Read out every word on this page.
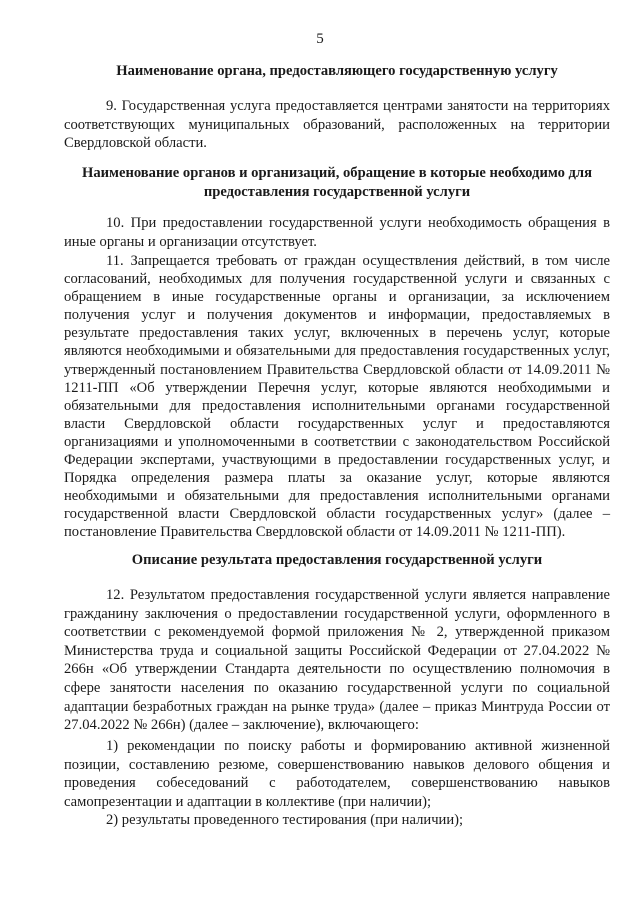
5
Наименование органа, предоставляющего государственную услугу

9. Государственная услуга предоставляется центрами занятости на территориях соответствующих муниципальных образований, расположенных на территории Свердловской области.

Наименование органов и организаций, обращение в которые необходимо для предоставления государственной услуги

10. При предоставлении государственной услуги необходимость обращения в иные органы и организации отсутствует.

11. Запрещается требовать от граждан осуществления действий, в том числе согласований, необходимых для получения государственной услуги и связанных с обращением в иные государственные органы и организации, за исключением получения услуг и получения документов и информации, предоставляемых в результате предоставления таких услуг, включенных в перечень услуг, которые являются необходимыми и обязательными для предоставления государственных услуг, утвержденный постановлением Правительства Свердловской области от 14.09.2011 № 1211-ПП «Об утверждении Перечня услуг, которые являются необходимыми и обязательными для предоставления исполнительными органами государственной власти Свердловской области государственных услуг и предоставляются организациями и уполномоченными в соответствии с законодательством Российской Федерации экспертами, участвующими в предоставлении государственных услуг, и Порядка определения размера платы за оказание услуг, которые являются необходимыми и обязательными для предоставления исполнительными органами государственной власти Свердловской области государственных услуг» (далее – постановление Правительства Свердловской области от 14.09.2011 № 1211-ПП).

Описание результата предоставления государственной услуги

12. Результатом предоставления государственной услуги является направление гражданину заключения о предоставлении государственной услуги, оформленного в соответствии с рекомендуемой формой приложения № 2, утвержденной приказом Министерства труда и социальной защиты Российской Федерации от 27.04.2022 № 266н «Об утверждении Стандарта деятельности по осуществлению полномочия в сфере занятости населения по оказанию государственной услуги по социальной адаптации безработных граждан на рынке труда» (далее – приказ Минтруда России от 27.04.2022 № 266н) (далее – заключение), включающего:

1) рекомендации по поиску работы и формированию активной жизненной позиции, составлению резюме, совершенствованию навыков делового общения и проведения собеседований с работодателем, совершенствованию навыков самопрезентации и адаптации в коллективе (при наличии);

2) результаты проведенного тестирования (при наличии);
